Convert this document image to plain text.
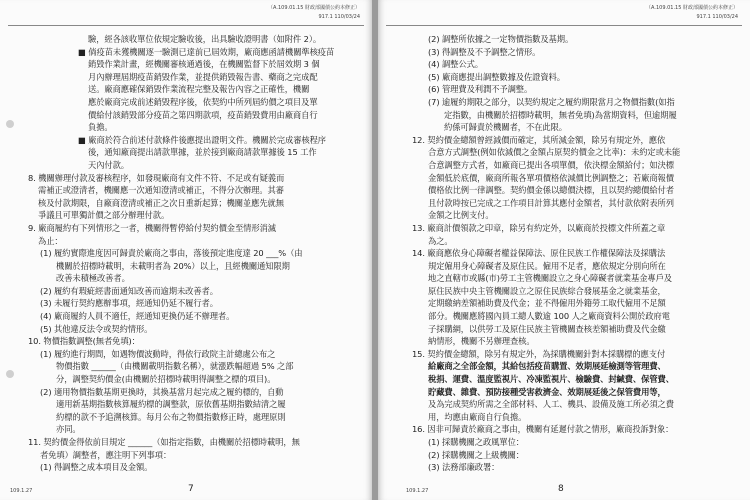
（A.109.01.15 財政部國債公約本修正）
917.1 110/03/24
驗，經各該收單位依規定驗收後，出具驗收證明書（如附件 2）。
■ 倘疫苗未獲機關逐一驗測已達前已屆效期，廠商應函請機關準核疫苗
銷毀作業計畫，經機關審核通過後，在機關監督下於屆效期 3 個
月內辦理屆期疫苗銷毀作業，並提供銷毀報告書、藥商之完成配
送。廠商應確保銷毀作業流程完整及報告內容之正確性，機關
應於廠商完成前述銷毀程序後，依契約中所列屆約價之項目及單
價給付該銷毀部分疫苗之第四期款項，疫苗銷毀費用由廠商自行
負擔。
■ 廠商於符合前述付款條件後應提出證明文件。機關於完成審核程序
後，通知廠商提出請款單據，並於接到廠商請款單據後 15 工作
天內付款。
8. 機關辦理付款及審核程序，如發現廠商有文件不符、不足或有疑義而
需補正或澄清者，機關應一次通知澄清或補正，不得分次辦理。其審
核及付款期限，自廠商澄清或補正之次日重新起算；機關並應先就無
爭議且可單獨計價之部分辦理付款。
9. 廠商履約有下列情形之一者，機關得暫停給付契約價金至情形消滅
為止：
(1) 履約實際進度因可歸責於廠商之事由，落後預定進度達 20 ___%（由
機關於招標時載明，未載明者為 20%）以上，且經機關通知限期
改善未積極改善者。
(2) 履約有瑕疵經書面通知改善而逾期未改善者。
(3) 未履行契約應辦事項，經通知仍延不履行者。
(4) 廠商履約人員不適任，經通知更換仍延不辦理者。
(5) 其他違反法令或契約情形。
10. 物價指數調整(無者免填)：
(1) 履約進行期間，如遇物價波動時，得依行政院主計總處公布之
物價指數 ______（由機關載明指數名稱），就漲跌幅超過 5% 之部
分，調整契約價金(由機關於招標時載明得調整之標的項目)。
(2) 適用物價指數基期更換時，其換基當月起完成之履約標的，自動
適用新基期指數核算履約標的調整款，原依舊基期指數結清之履
約標的款不予追溯核算。每月公布之物價指數修正時，處理原則
亦同。
11. 契約價金得依前目規定 ______（如指定指數，由機關於招標時載明，無
者免填）調整者，應注明下列事項：
(1) 得調整之成本項目及金額。
109.1.27	7
（A.109.01.15 財政部國債公約本修正）
917.1 110/03/24
(2) 調整所依據之一定物價指數及基期。
(3) 得調整及不予調整之情形。
(4) 調整公式。
(5) 廠商應提出調整數據及佐證資料。
(6) 管理費及利潤不予調整。
(7) 逾履約期限之部分，以契約規定之履約期限當月之物價指數(如指
定指數，由機關於招標時載明，無者免填)為當期資料，但逾期履
約係可歸責於機關者，不在此限。
12. 契約價金總額曾經減價而確定，其所減金額，除另有規定外，應依
合意方式調整(例如依減價之金額占原契約價金之比率)：未約定或未能
合意調整方式者，如廠商已提出各項單價，依決標金額給付；如決標
金額低於底價，廠商所報各單項價格依減價比例調整之；若廠商報價
價格依比例一律調整。契約價金係以總價決標，且以契約總價給付者
且付款時按已完成之工作項目計算其應付金額者，其付款依附表所列
金額之比例支付。
13. 廠商計價領款之印章，除另有約定外，以廠商於投標文件所蓋之章
為之。
14. 廠商應依身心障礙者權益保障法、原住民族工作權保障法及採購法
規定僱用身心障礙者及原住民。僱用不足者，應依規定分別向所在
地之直轄市或縣(市)勞工主管機關設立之身心障礙者就業基金專戶及
原住民族中央主管機關設立之原住民族綜合發展基金之就業基金，
定期繳納差額補助費及代金；並不得僱用外籍勞工取代僱用不足額
部分。機關應將國內員工總人數逾 100 人之廠商資料公開於政府電
子採購網，以供勞工及原住民族主管機關查核差額補助費及代金繳
納情形，機關不另辦理查核。
15. 契約價金總額，除另有規定外，為採購機關針對本採購標的應支付
給廠商之全部金額，其給包括疫苗購置、效期展延檢測等管理費、
稅捐、運費、溫度監視片、冷凍監視片、檢驗費、封緘費、保管費、
貯藏費、雜費、預防接種受害救濟金、效期展延後之保管費用等，
及為完成契約所需之全部材料、人工、機具、設備及施工所必須之費
用，均應由廠商自行負擔。
16. 因非可歸責於廠商之事由，機關有延遲付款之情形，廠商投訴對象：
(1) 採購機關之政風單位：
(2) 採購機關之上級機關：
(3) 法務部廉政署：
109.1.27	8
